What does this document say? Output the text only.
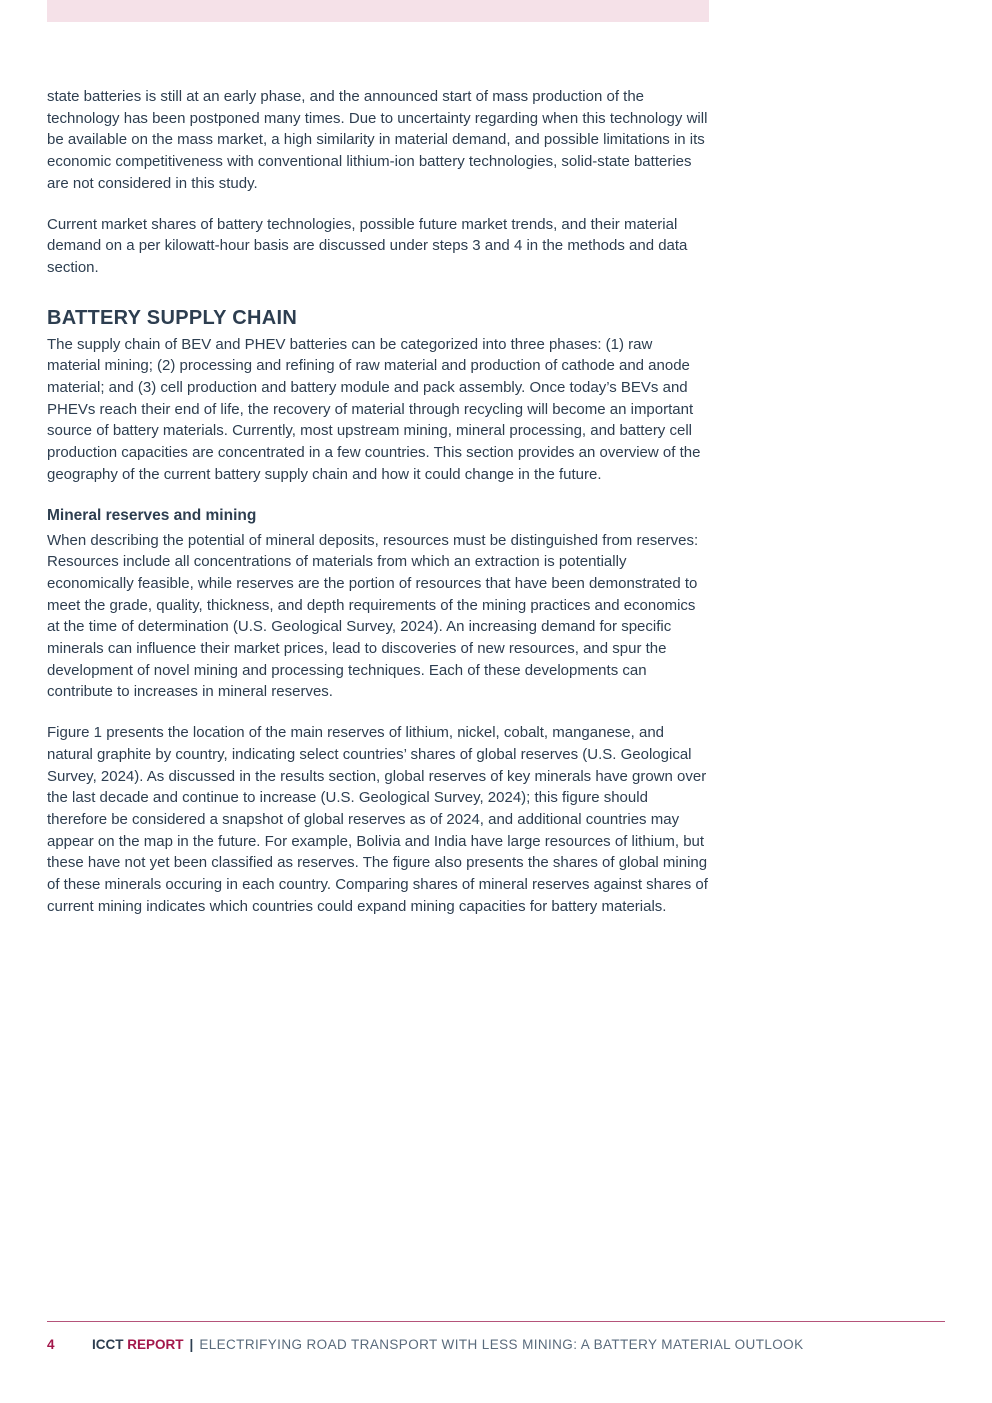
state batteries is still at an early phase, and the announced start of mass production of the technology has been postponed many times. Due to uncertainty regarding when this technology will be available on the mass market, a high similarity in material demand, and possible limitations in its economic competitiveness with conventional lithium-ion battery technologies, solid-state batteries are not considered in this study.

Current market shares of battery technologies, possible future market trends, and their material demand on a per kilowatt-hour basis are discussed under steps 3 and 4 in the methods and data section.

BATTERY SUPPLY CHAIN

The supply chain of BEV and PHEV batteries can be categorized into three phases: (1) raw material mining; (2) processing and refining of raw material and production of cathode and anode material; and (3) cell production and battery module and pack assembly. Once today’s BEVs and PHEVs reach their end of life, the recovery of material through recycling will become an important source of battery materials. Currently, most upstream mining, mineral processing, and battery cell production capacities are concentrated in a few countries. This section provides an overview of the geography of the current battery supply chain and how it could change in the future.

Mineral reserves and mining

When describing the potential of mineral deposits, resources must be distinguished from reserves: Resources include all concentrations of materials from which an extraction is potentially economically feasible, while reserves are the portion of resources that have been demonstrated to meet the grade, quality, thickness, and depth requirements of the mining practices and economics at the time of determination (U.S. Geological Survey, 2024). An increasing demand for specific minerals can influence their market prices, lead to discoveries of new resources, and spur the development of novel mining and processing techniques. Each of these developments can contribute to increases in mineral reserves.

Figure 1 presents the location of the main reserves of lithium, nickel, cobalt, manganese, and natural graphite by country, indicating select countries’ shares of global reserves (U.S. Geological Survey, 2024). As discussed in the results section, global reserves of key minerals have grown over the last decade and continue to increase (U.S. Geological Survey, 2024); this figure should therefore be considered a snapshot of global reserves as of 2024, and additional countries may appear on the map in the future. For example, Bolivia and India have large resources of lithium, but these have not yet been classified as reserves. The figure also presents the shares of global mining of these minerals occuring in each country. Comparing shares of mineral reserves against shares of current mining indicates which countries could expand mining capacities for battery materials.

4	ICCT REPORT | ELECTRIFYING ROAD TRANSPORT WITH LESS MINING: A BATTERY MATERIAL OUTLOOK
